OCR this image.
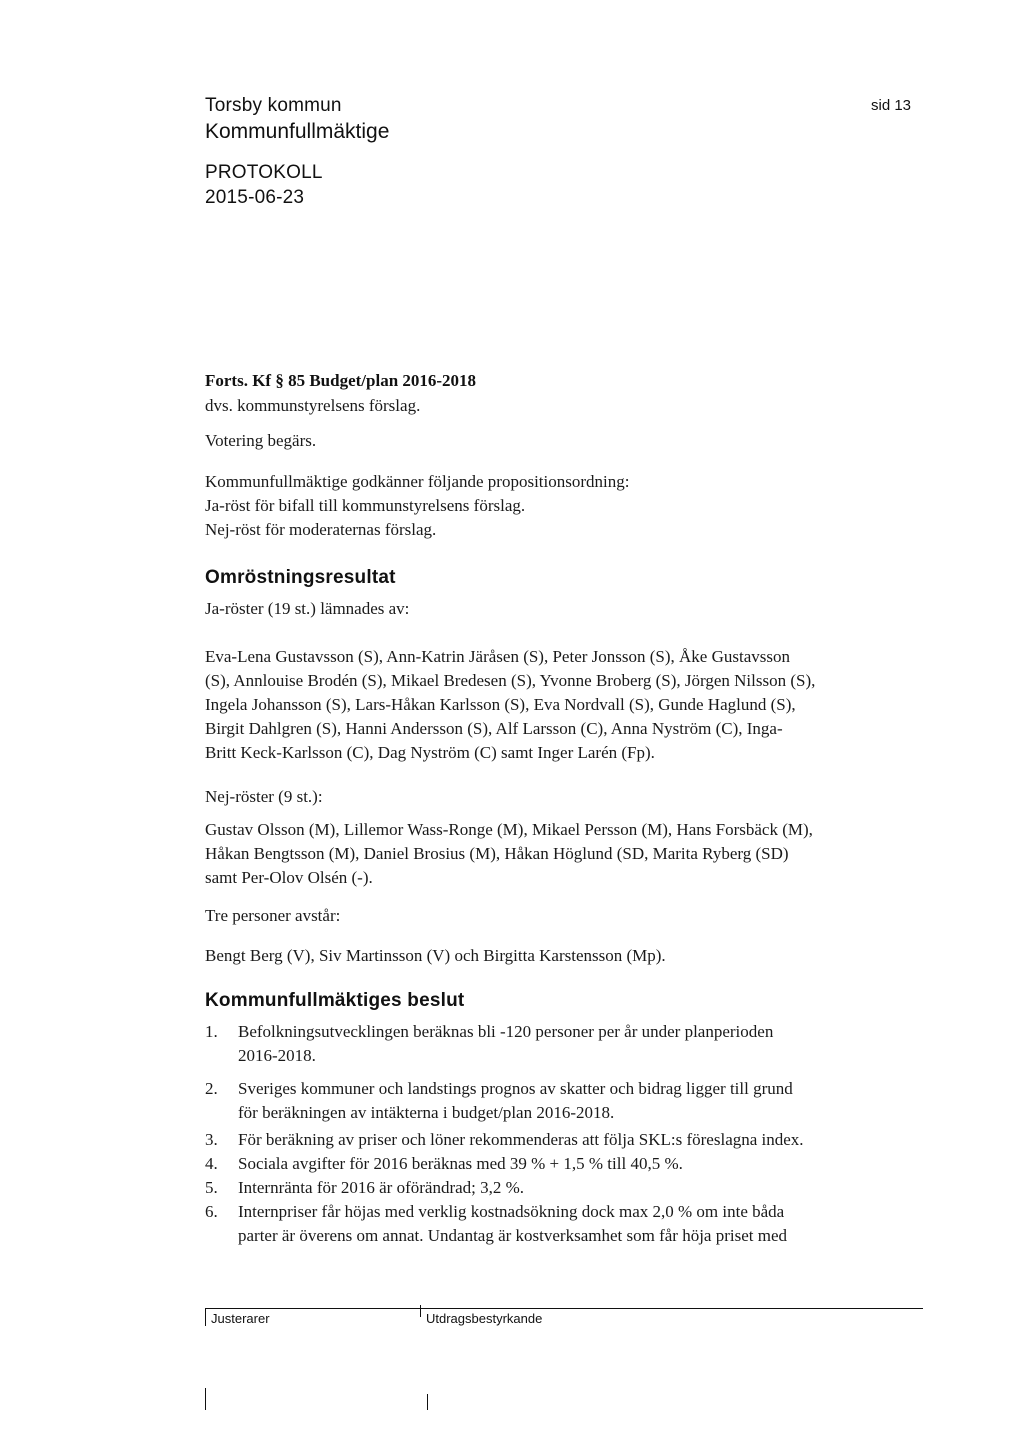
Torsby kommun
Kommunfullmäktige
PROTOKOLL
2015-06-23
sid 13
Forts. Kf § 85 Budget/plan 2016-2018
dvs. kommunstyrelsens förslag.
Votering begärs.
Kommunfullmäktige godkänner följande propositionsordning:
Ja-röst för bifall till kommunstyrelsens förslag.
Nej-röst för moderaternas förslag.
Omröstningsresultat
Ja-röster (19 st.) lämnades av:
Eva-Lena Gustavsson (S), Ann-Katrin Järåsen (S), Peter Jonsson (S), Åke Gustavsson
(S), Annlouise Brodén (S), Mikael Bredesen (S), Yvonne Broberg (S), Jörgen Nilsson (S),
Ingela Johansson (S), Lars-Håkan Karlsson (S), Eva Nordvall (S), Gunde Haglund (S),
Birgit Dahlgren (S), Hanni Andersson (S), Alf Larsson (C), Anna Nyström (C), Inga-
Britt Keck-Karlsson (C), Dag Nyström (C) samt Inger Larén (Fp).
Nej-röster (9 st.):
Gustav Olsson (M), Lillemor Wass-Ronge (M), Mikael Persson (M), Hans Forsbäck (M),
Håkan Bengtsson (M), Daniel Brosius (M), Håkan Höglund (SD, Marita Ryberg (SD)
samt Per-Olov Olsén (-).
Tre personer avstår:
Bengt Berg (V), Siv Martinsson (V) och Birgitta Karstensson (Mp).
Kommunfullmäktiges beslut
1. Befolkningsutvecklingen beräknas bli -120 personer per år under planperioden
2016-2018.
2. Sveriges kommuner och landstings prognos av skatter och bidrag ligger till grund
för beräkningen av intäkterna i budget/plan 2016-2018.
3. För beräkning av priser och löner rekommenderas att följa SKL:s föreslagna index.
4. Sociala avgifter för 2016 beräknas med 39 % + 1,5 % till 40,5 %.
5. Internränta för 2016 är oförändrad; 3,2 %.
6. Internpriser får höjas med verklig kostnadsökning dock max 2,0 % om inte båda
parter är överens om annat. Undantag är kostverksamhet som får höja priset med
Justerarer	Utdragsbestyrkande
